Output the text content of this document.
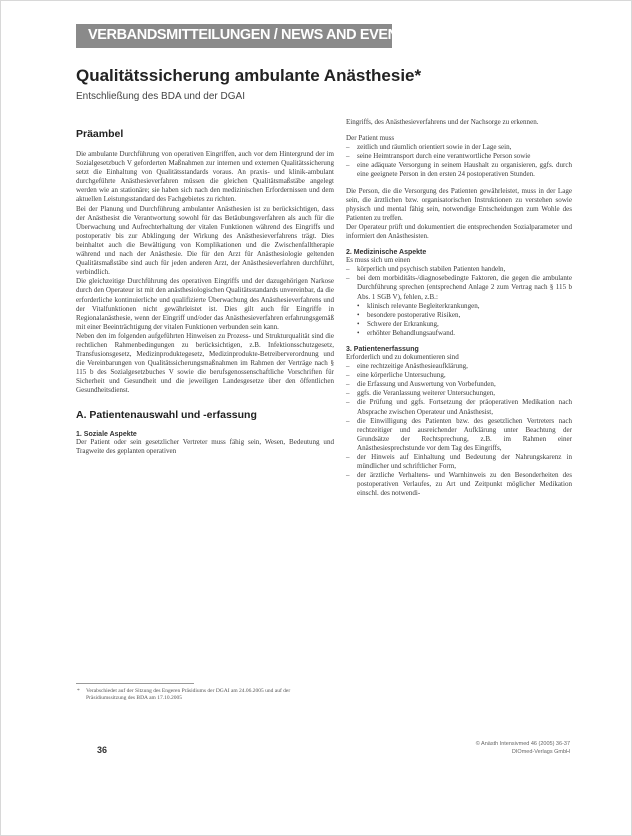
VERBANDSMITTEILUNGEN / NEWS AND EVENTS
Qualitätssicherung ambulante Anästhesie*
Entschließung des BDA und der DGAI
Präambel
Die ambulante Durchführung von operativen Eingriffen, auch vor dem Hintergrund der im Sozialgesetzbuch V geforderten Maßnahmen zur internen und externen Qualitätssicherung setzt die Einhaltung von Qualitätsstandards voraus. An praxis- und klinik-ambulant durchgeführte Anästhesieverfahren müssen die gleichen Qualitätsmaßstäbe angelegt werden wie an stationäre; sie haben sich nach den medizinischen Erfordernissen und dem aktuellen Leistungsstandard des Fachgebietes zu richten.
Bei der Planung und Durchführung ambulanter Anästhesien ist zu berücksichtigen, dass der Anästhesist die Verantwortung sowohl für das Betäubungsverfahren als auch für die Überwachung und Aufrechterhaltung der vitalen Funktionen während des Eingriffs und postoperativ bis zur Abklingung der Wirkung des Anästhesieverfahrens trägt. Dies beinhaltet auch die Bewältigung von Komplikationen und die Zwischenfalltherapie während und nach der Anästhesie. Die für den Arzt für Anästhesiologie geltenden Qualitätsmaßstäbe sind auch für jeden anderen Arzt, der Anästhesieverfahren durchführt, verbindlich.
Die gleichzeitige Durchführung des operativen Eingriffs und der dazugehörigen Narkose durch den Operateur ist mit den anästhesiologischen Qualitätsstandards unvereinbar, da die erforderliche kontinuierliche und qualifizierte Überwachung des Anästhesieverfahrens und der Vitalfunktionen nicht gewährleistet ist. Dies gilt auch für Eingriffe in Regionalanästhesie, wenn der Eingriff und/oder das Anästhesieverfahren erfahrungsgemäß mit einer Beeinträchtigung der vitalen Funktionen verbunden sein kann.
Neben den im folgenden aufgeführten Hinweisen zu Prozess- und Strukturqualität sind die rechtlichen Rahmenbedingungen zu berücksichtigen, z.B. Infektionsschutzgesetz, Transfusionsgesetz, Medizinproduktegesetz, Medizinprodukte-Betreiberverordnung und die Vereinbarungen von Qualitätssicherungsmaßnahmen im Rahmen der Verträge nach § 115 b des Sozialgesetzbuches V sowie die berufsgenossenschaftliche Vorschriften für Sicherheit und Gesundheit und die jeweiligen Landesgesetze über den öffentlichen Gesundheitsdienst.
A. Patientenauswahl und -erfassung
1. Soziale Aspekte
Der Patient oder sein gesetzlicher Vertreter muss fähig sein, Wesen, Bedeutung und Tragweite des geplanten operativen
Eingriffs, des Anästhesieverfahrens und der Nachsorge zu erkennen.
Der Patient muss
– zeitlich und räumlich orientiert sowie in der Lage sein,
– seine Heimtransport durch eine verantwortliche Person sowie
– eine adäquate Versorgung in seinem Haushalt zu organisieren, ggfs. durch eine geeignete Person in den ersten 24 postoperativen Stunden.
Die Person, die die Versorgung des Patienten gewährleistet, muss in der Lage sein, die ärztlichen bzw. organisatorischen Instruktionen zu verstehen sowie physisch und mental fähig sein, notwendige Entscheidungen zum Wohle des Patienten zu treffen.
Der Operateur prüft und dokumentiert die entsprechenden Sozialparameter und informiert den Anästhesisten.
2. Medizinische Aspekte
Es muss sich um einen
– körperlich und psychisch stabilen Patienten handeln,
– bei dem morbiditäts-/diagnosebedingte Faktoren, die gegen die ambulante Durchführung sprechen (entsprechend Anlage 2 zum Vertrag nach § 115 b Abs. 1 SGB V), fehlen, z.B.:
• klinisch relevante Begleiterkrankungen,
• besondere postoperative Risiken,
• Schwere der Erkrankung,
• erhöhter Behandlungsaufwand.
3. Patientenerfassung
Erforderlich und zu dokumentieren sind
– eine rechtzeitige Anästhesieaufklärung,
– eine körperliche Untersuchung,
– die Erfassung und Auswertung von Vorbefunden,
– ggfs. die Veranlassung weiterer Untersuchungen,
– die Prüfung und ggfs. Fortsetzung der präoperativen Medikation nach Absprache zwischen Operateur und Anästhesist,
– die Einwilligung des Patienten bzw. des gesetzlichen Vertreters nach rechtzeitiger und ausreichender Aufklärung unter Beachtung der Grundsätze der Rechtsprechung, z.B. im Rahmen einer Anästhesiesprechstunde vor dem Tag des Eingriffs,
– der Hinweis auf Einhaltung und Bedeutung der Nahrungskarenz in mündlicher und schriftlicher Form,
– der ärztliche Verhaltens- und Warnhinweis zu den Besonderheiten des postoperativen Verlaufes, zu Art und Zeitpunkt möglicher Medikation einschl. des notwendi-
* Verabschiedet auf der Sitzung des Engeren Präsidiums der DGAI am 24.06.2005 und auf der Präsidiumssitzung des BDA am 17.10.2005
36
© Anästh Intensivmed 46 (2005) 36-37
DIOmed-Verlags GmbH
